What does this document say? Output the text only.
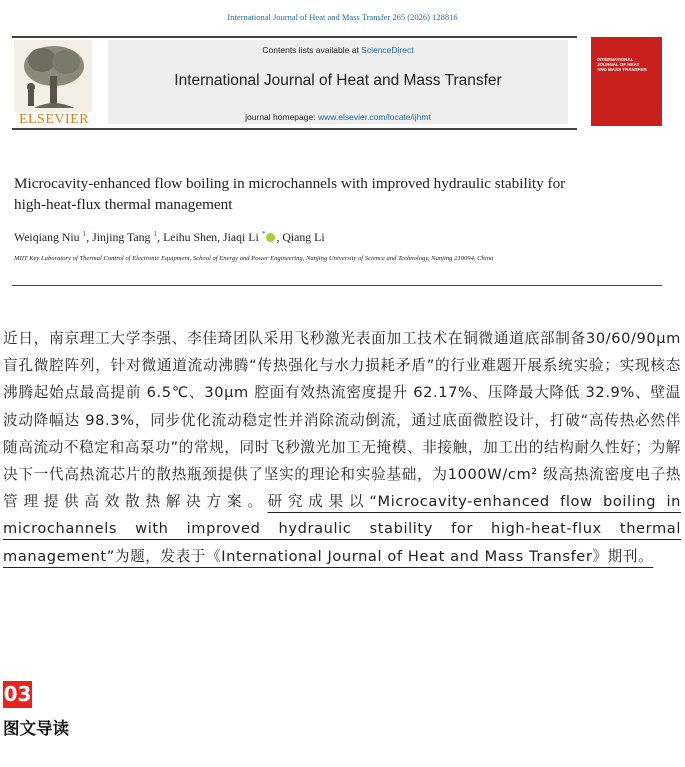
International Journal of Heat and Mass Transfer 265 (2026) 128816
ELSEVIER
Contents lists available at ScienceDirect
International Journal of Heat and Mass Transfer
journal homepage: www.elsevier.com/locate/ijhmt
INTERNATIONAL JOURNAL OF HEAT AND MASS TRANSFER
Microcavity-enhanced flow boiling in microchannels with improved hydraulic stability for high-heat-flux thermal management
Weiqiang Niu $^1$, Jinjing Tang $^1$, Leihu Shen, Jiaqi Li * , Qiang Li
MIIT Key Laboratory of Thermal Control of Electronic Equipment, School of Energy and Power Engineering, Nanjing University of Science and Technology, Nanjing 210094, China
近日，南京理工大学李强、李佳琦团队采用飞秒激光表面加工技术在铜微通道底部制备30/60/90μm 盲孔微腔阵列，针对微通道流动沸腾“传热强化与水力损耗矛盾”的行业难题开展系统实验；实现核态沸腾起始点最高提前 6.5℃、30μm 腔面有效热流密度提升 62.17%、压降最大降低 32.9%、壁温波动降幅达 98.3%，同步优化流动稳定性并消除流动倒流，通过底面微腔设计，打破“高传热必然伴随高流动不稳定和高泵功”的常规，同时飞秒激光加工无掩模、非接触，加工出的结构耐久性好；为解决下一代高热流芯片的散热瓶颈提供了坚实的理论和实验基础，为1000W/cm² 级高热流密度电子热管理提供高效散热解决方案。研究成果以“Microcavity-enhanced flow boiling in microchannels with improved hydraulic stability for high-heat-flux thermal management”为题，发表于《International Journal of Heat and Mass Transfer》期刊。
03
图文导读
